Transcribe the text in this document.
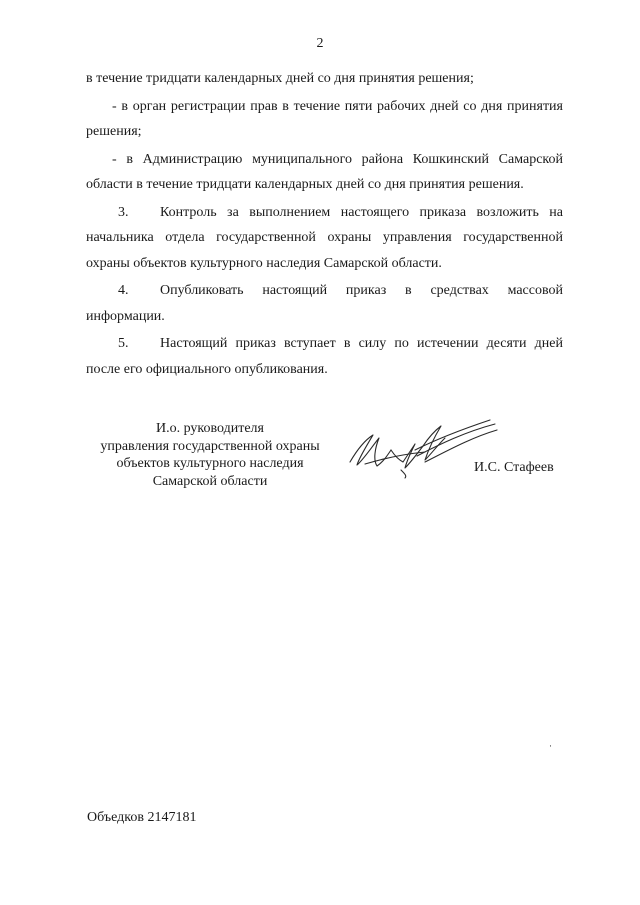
2

в течение тридцати календарных дней со дня принятия решения;

- в орган регистрации прав в течение пяти рабочих дней со дня принятия решения;

- в Администрацию муниципального района Кошкинский Самарской области в течение тридцати календарных дней со дня принятия решения.

3. Контроль за выполнением настоящего приказа возложить на начальника отдела государственной охраны управления государственной охраны объектов культурного наследия Самарской области.

4. Опубликовать настоящий приказ в средствах массовой информации.

5. Настоящий приказ вступает в силу по истечении десяти дней после его официального опубликования.

И.о. руководителя
управления государственной охраны
объектов культурного наследия
Самарской области
И.С. Стафеев
·
Объедков 2147181
